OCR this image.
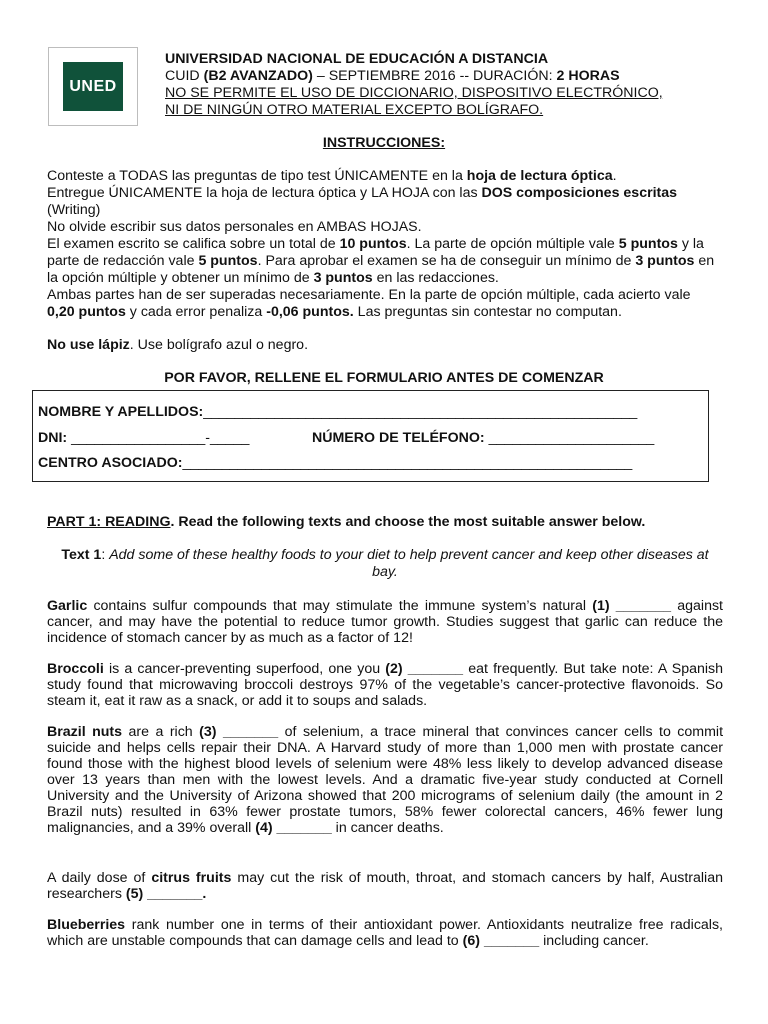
UNED
UNIVERSIDAD NACIONAL DE EDUCACIÓN A DISTANCIA
CUID (B2 AVANZADO) – SEPTIEMBRE 2016 -- DURACIÓN: 2 HORAS
NO SE PERMITE EL USO DE DICCIONARIO, DISPOSITIVO ELECTRÓNICO,
NI DE NINGÚN OTRO MATERIAL EXCEPTO BOLÍGRAFO.
INSTRUCCIONES:

Conteste a TODAS las preguntas de tipo test ÚNICAMENTE en la hoja de lectura óptica.

Entregue ÚNICAMENTE la hoja de lectura óptica y LA HOJA con las DOS composiciones escritas (Writing)

No olvide escribir sus datos personales en AMBAS HOJAS.

El examen escrito se califica sobre un total de 10 puntos. La parte de opción múltiple vale 5 puntos y la parte de redacción vale 5 puntos. Para aprobar el examen se ha de conseguir un mínimo de 3 puntos en la opción múltiple y obtener un mínimo de 3 puntos en las redacciones.

Ambas partes han de ser superadas necesariamente. En la parte de opción múltiple, cada acierto vale 0,20 puntos y cada error penaliza -0,06 puntos. Las preguntas sin contestar no computan.

No use lápiz. Use bolígrafo azul o negro.
POR FAVOR, RELLENE EL FORMULARIO ANTES DE COMENZAR
NOMBRE Y APELLIDOS:_______________________________________________________
DNI: _________________-_____	NÚMERO DE TELÉFONO: _____________________
CENTRO ASOCIADO:_________________________________________________________
PART 1: READING. Read the following texts and choose the most suitable answer below.
Text 1: Add some of these healthy foods to your diet to help prevent cancer and keep other diseases at bay.

Garlic contains sulfur compounds that may stimulate the immune system’s natural (1) _______ against cancer, and may have the potential to reduce tumor growth. Studies suggest that garlic can reduce the incidence of stomach cancer by as much as a factor of 12!

Broccoli is a cancer-preventing superfood, one you (2) _______ eat frequently. But take note: A Spanish study found that microwaving broccoli destroys 97% of the vegetable’s cancer-protective flavonoids. So steam it, eat it raw as a snack, or add it to soups and salads.

Brazil nuts are a rich (3) _______ of selenium, a trace mineral that convinces cancer cells to commit suicide and helps cells repair their DNA. A Harvard study of more than 1,000 men with prostate cancer found those with the highest blood levels of selenium were 48% less likely to develop advanced disease over 13 years than men with the lowest levels. And a dramatic five-year study conducted at Cornell University and the University of Arizona showed that 200 micrograms of selenium daily (the amount in 2 Brazil nuts) resulted in 63% fewer prostate tumors, 58% fewer colorectal cancers, 46% fewer lung malignancies, and a 39% overall (4) _______ in cancer deaths.

A daily dose of citrus fruits may cut the risk of mouth, throat, and stomach cancers by half, Australian researchers (5) _______.

Blueberries rank number one in terms of their antioxidant power. Antioxidants neutralize free radicals, which are unstable compounds that can damage cells and lead to (6) _______ including cancer.
